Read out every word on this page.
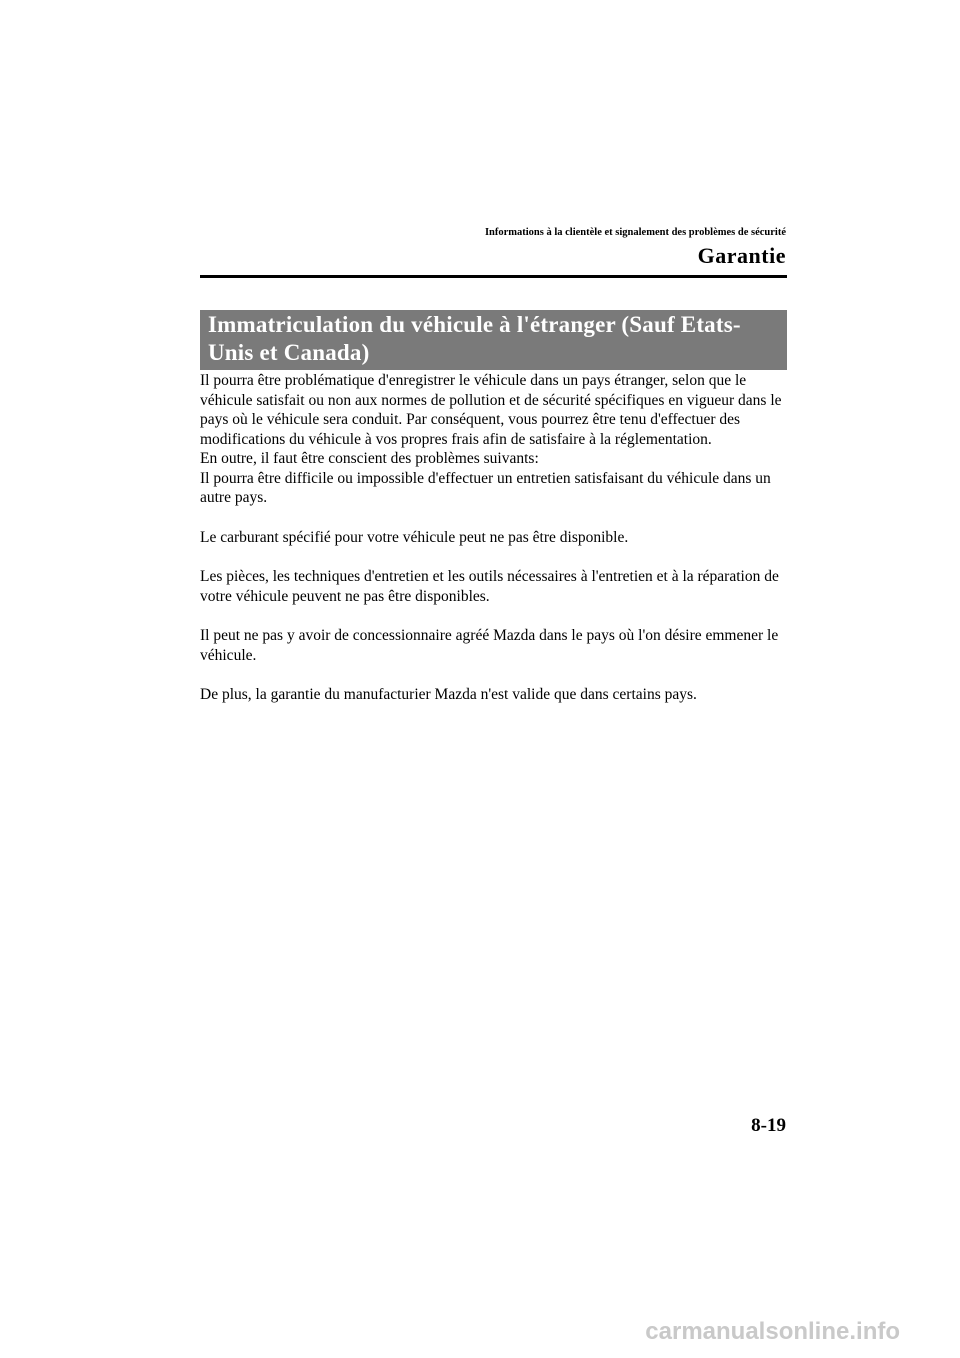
Informations à la clientèle et signalement des problèmes de sécurité
Garantie
Immatriculation du véhicule à l'étranger (Sauf Etats-
Unis et Canada)

Il pourra être problématique d'enregistrer le véhicule dans un pays étranger, selon que le véhicule satisfait ou non aux normes de pollution et de sécurité spécifiques en vigueur dans le pays où le véhicule sera conduit. Par conséquent, vous pourrez être tenu d'effectuer des modifications du véhicule à vos propres frais afin de satisfaire à la réglementation.

En outre, il faut être conscient des problèmes suivants:

Il pourra être difficile ou impossible d'effectuer un entretien satisfaisant du véhicule dans un autre pays.

Le carburant spécifié pour votre véhicule peut ne pas être disponible.

Les pièces, les techniques d'entretien et les outils nécessaires à l'entretien et à la réparation de votre véhicule peuvent ne pas être disponibles.

Il peut ne pas y avoir de concessionnaire agréé Mazda dans le pays où l'on désire emmener le véhicule.

De plus, la garantie du manufacturier Mazda n'est valide que dans certains pays.

8-19
carmanualsonline.info
